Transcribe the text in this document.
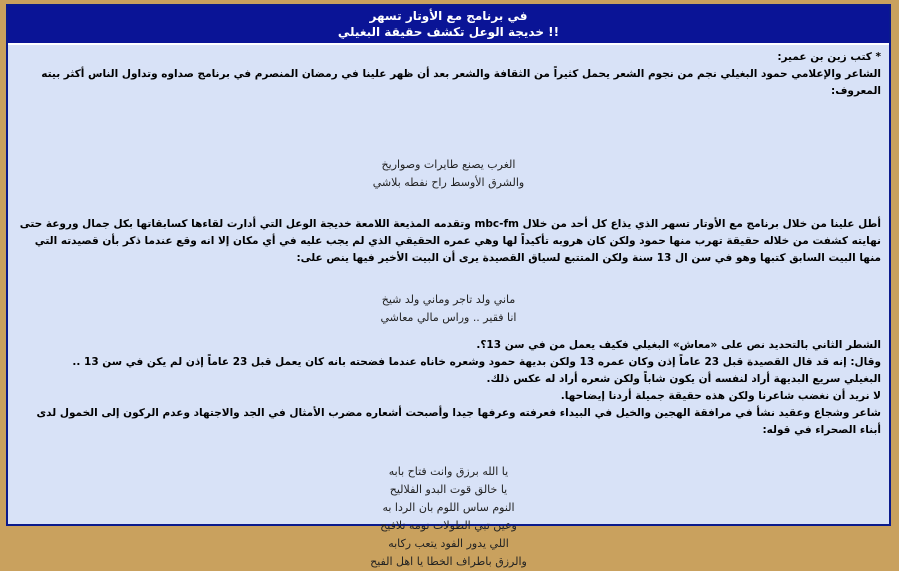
في برنامج مع الأوتار تسهر
خديجة الوعل تكشف حقيقة البغيلي !!

* كتب زين بن عمير:

الشاعر والإعلامي حمود البغيلي نجم من نجوم الشعر يحمل كثيراً من الثقافة والشعر بعد أن ظهر علينا في رمضان المنصرم في برنامج صداوه وتداول الناس أكثر بيته المعروف:

الغرب يصنع طايرات وصواريخ

والشرق الأوسط راح نفطه بلاشي

أطل علينا من خلال برنامج مع الأوتار تسهر الذي يذاع كل أحد من خلال mbc-fm وتقدمه المذيعة اللامعة خديجة الوعل التي أدارت لقاءها كسابقاتها بكل جمال وروعة حتى نهايته كشفت من خلاله حقيقة تهرب منها حمود ولكن كان هروبه تأكيداً لها وهي عمره الحقيقي الذي لم يجب عليه في أي مكان إلا انه وقع عندما ذكر بأن قصيدته التي منها البيت السابق كتبها وهو في سن ال 13 سنة ولكن المتتبع لسياق القصيدة يرى أن البيت الأخير فيها ينص على:

ماني ولد تاجر وماني ولد شيخ

انا فقير .. وراس مالي معاشي

الشطر الثاني بالتحديد نص على «معاش» البغيلي فكيف يعمل من في سن 13؟.

وقال: إنه قد قال القصيدة قبل 23 عاماً إذن وكان عمره 13 ولكن بديهة حمود وشعره خاناه عندما فضحته بانه كان يعمل قبل 23 عاماً إذن لم يكن في سن 13 ..

البغيلي سريع البديهة أراد لنفسه أن يكون شاباً ولكن شعره أراد له عكس ذلك.

لا نريد أن نغضب شاعرنا ولكن هذه حقيقة جميلة أردنا إيضاحها.

شاعر وشجاع وعقيد نشأ في مرافقة الهجين والخيل في البيداء فعرفته وعرفها جيدا وأصبحت أشعاره مضرب الأمثال في الجد والاجتهاد وعدم الركون إلى الخمول لدى أبناء الصحراء في قوله:

يا الله برزق وانت فتاح بابه

يا خالق قوت البدو الفلاليح

النوم ساس اللوم بان الردا به

وعين تبي الطولات نومه تلافيح

اللي يدور الفود يتعب ركابه

والرزق باطراف الخطا يا اهل الفيح
